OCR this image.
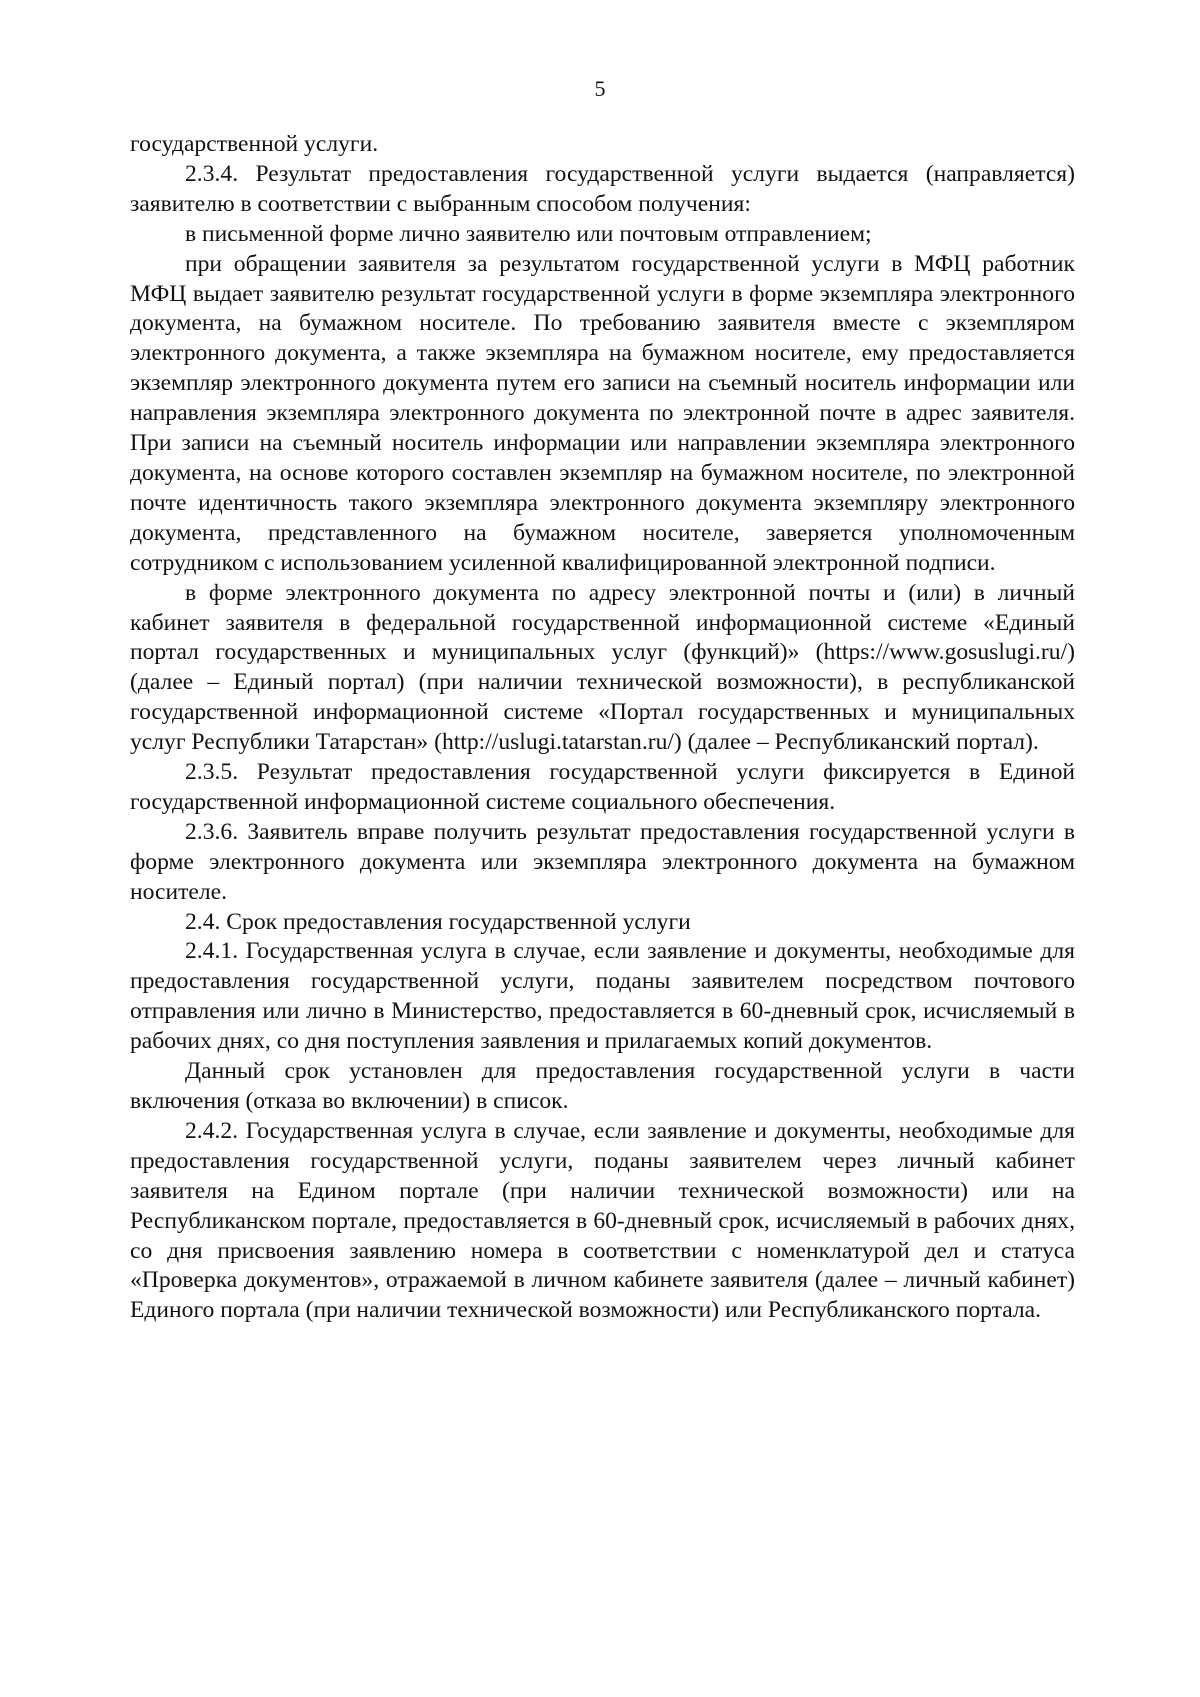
5

государственной услуги.

2.3.4. Результат предоставления государственной услуги выдается (направляется) заявителю в соответствии с выбранным способом получения:

в письменной форме лично заявителю или почтовым отправлением;

при обращении заявителя за результатом государственной услуги в МФЦ работник МФЦ выдает заявителю результат государственной услуги в форме экземпляра электронного документа, на бумажном носителе. По требованию заявителя вместе с экземпляром электронного документа, а также экземпляра на бумажном носителе, ему предоставляется экземпляр электронного документа путем его записи на съемный носитель информации или направления экземпляра электронного документа по электронной почте в адрес заявителя. При записи на съемный носитель информации или направлении экземпляра электронного документа, на основе которого составлен экземпляр на бумажном носителе, по электронной почте идентичность такого экземпляра электронного документа экземпляру электронного документа, представленного на бумажном носителе, заверяется уполномоченным сотрудником с использованием усиленной квалифицированной электронной подписи.

в форме электронного документа по адресу электронной почты и (или) в личный кабинет заявителя в федеральной государственной информационной системе «Единый портал государственных и муниципальных услуг (функций)» (https://www.gosuslugi.ru/) (далее – Единый портал) (при наличии технической возможности), в республиканской государственной информационной системе «Портал государственных и муниципальных услуг Республики Татарстан» (http://uslugi.tatarstan.ru/) (далее – Республиканский портал).

2.3.5. Результат предоставления государственной услуги фиксируется в Единой государственной информационной системе социального обеспечения.

2.3.6. Заявитель вправе получить результат предоставления государственной услуги в форме электронного документа или экземпляра электронного документа на бумажном носителе.

2.4. Срок предоставления государственной услуги

2.4.1. Государственная услуга в случае, если заявление и документы, необходимые для предоставления государственной услуги, поданы заявителем посредством почтового отправления или лично в Министерство, предоставляется в 60-дневный срок, исчисляемый в рабочих днях, со дня поступления заявления и прилагаемых копий документов.

Данный срок установлен для предоставления государственной услуги в части включения (отказа во включении) в список.

2.4.2. Государственная услуга в случае, если заявление и документы, необходимые для предоставления государственной услуги, поданы заявителем через личный кабинет заявителя на Едином портале (при наличии технической возможности) или на Республиканском портале, предоставляется в 60-дневный срок, исчисляемый в рабочих днях, со дня присвоения заявлению номера в соответствии с номенклатурой дел и статуса «Проверка документов», отражаемой в личном кабинете заявителя (далее – личный кабинет) Единого портала (при наличии технической возможности) или Республиканского портала.
